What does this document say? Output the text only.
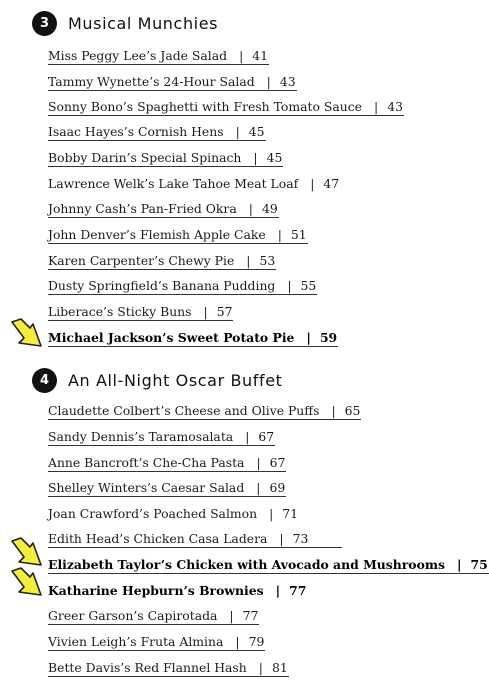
3	Musical Munchies
Miss Peggy Lee’s Jade Salad | 41
Tammy Wynette’s 24-Hour Salad | 43
Sonny Bono’s Spaghetti with Fresh Tomato Sauce | 43
Isaac Hayes’s Cornish Hens | 45
Bobby Darin’s Special Spinach | 45
Lawrence Welk’s Lake Tahoe Meat Loaf | 47
Johnny Cash’s Pan-Fried Okra | 49
John Denver’s Flemish Apple Cake | 51
Karen Carpenter’s Chewy Pie | 53
Dusty Springfield’s Banana Pudding | 55
Liberace’s Sticky Buns | 57
Michael Jackson’s Sweet Potato Pie | 59
4	An All-Night Oscar Buffet
Claudette Colbert’s Cheese and Olive Puffs | 65
Sandy Dennis’s Taramosalata | 67
Anne Bancroft’s Che-Cha Pasta | 67
Shelley Winters’s Caesar Salad | 69
Joan Crawford’s Poached Salmon | 71
Edith Head’s Chicken Casa Ladera | 73
Elizabeth Taylor’s Chicken with Avocado and Mushrooms | 75
Katharine Hepburn’s Brownies | 77
Greer Garson’s Capirotada | 77
Vivien Leigh’s Fruta Almina | 79
Bette Davis’s Red Flannel Hash | 81
